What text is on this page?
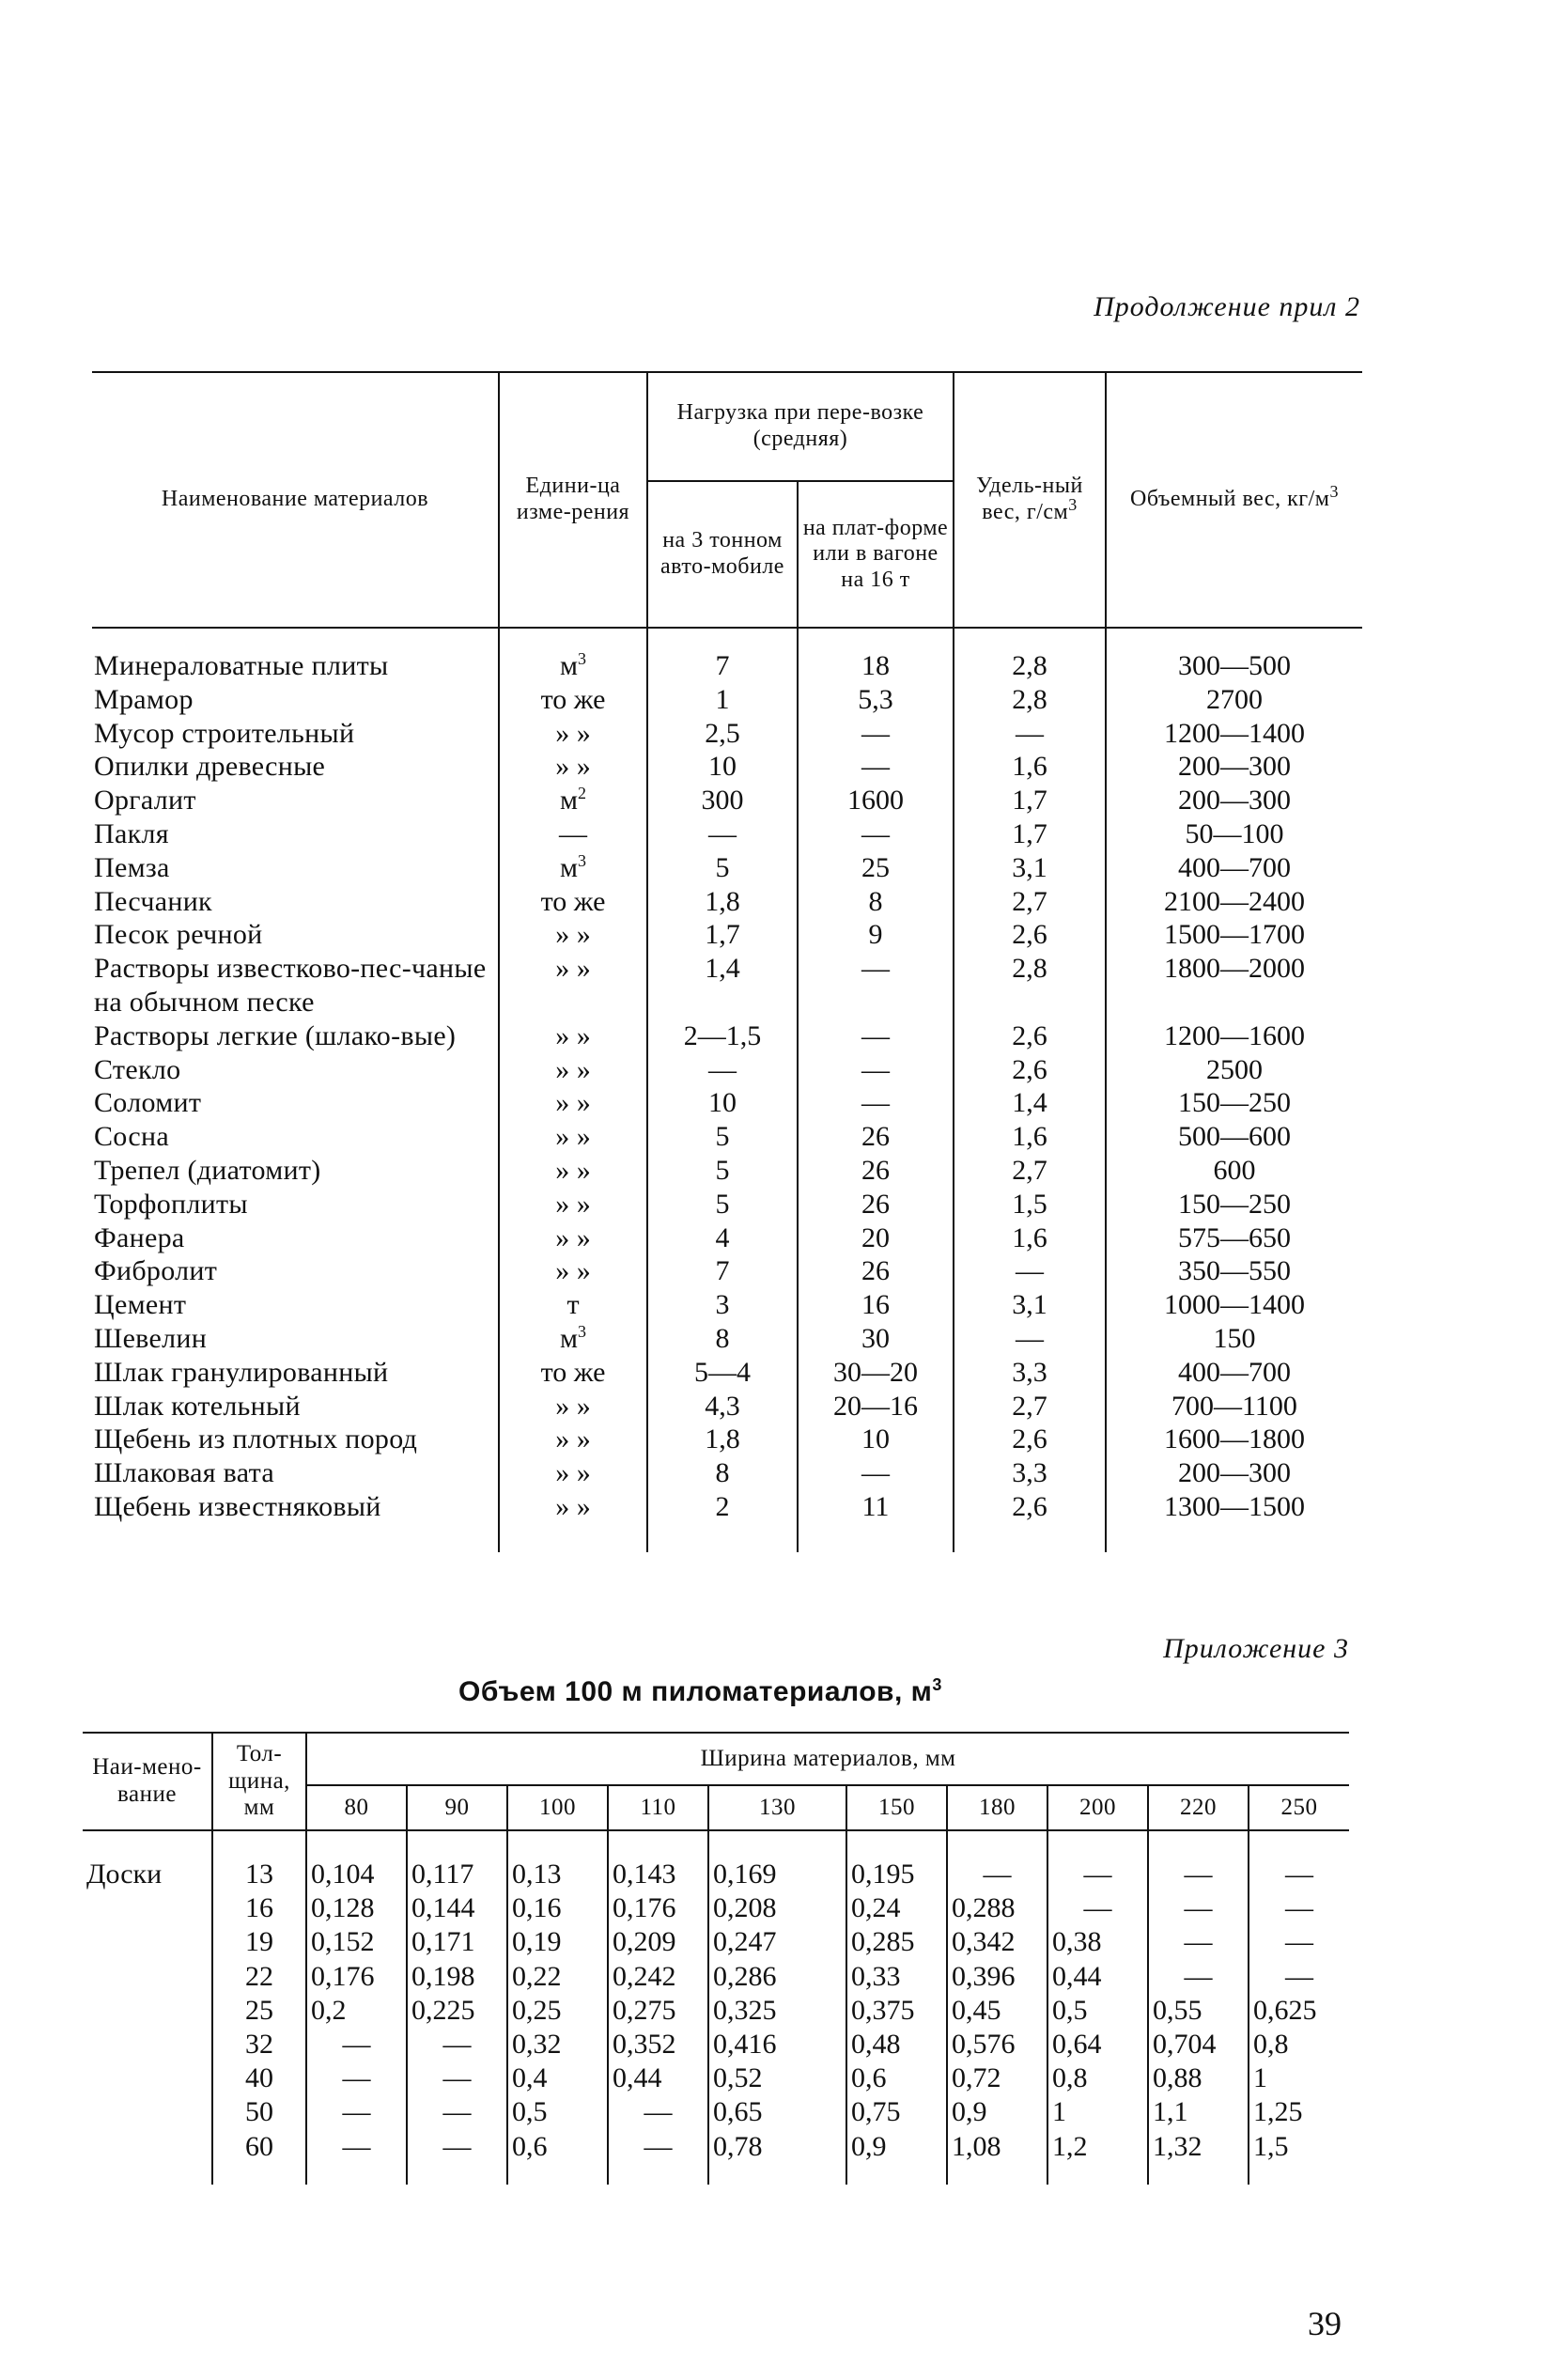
Продолжение прил 2
Наименование материалов	Едини-ца изме-рения	Нагрузка при пере-возке (средняя)		Удель-ный вес, $г/см^3$	Объемный вес, $кг/м^3$
		на 3 тонном авто-мобиле	на плат-форме или в вагоне на 16 т		
Минераловатные плиты	$м^3$	7	18	2,8	300—500
Мрамор	то же	1	5,3	2,8	2700
Мусор строительный	» »	2,5	—	—	1200—1400
Опилки древесные	» »	10	—	1,6	200—300
Оргалит	$м^2$	300	1600	1,7	200—300
Пакля	—	—	—	1,7	50—100
Пемза	$м^3$	5	25	3,1	400—700
Песчаник	то же	1,8	8	2,7	2100—2400
Песок речной	» »	1,7	9	2,6	1500—1700
Растворы известково-пес-чаные на обычном песке	» »	1,4	—	2,8	1800—2000
Растворы легкие (шлако-вые)	» »	2—1,5	—	2,6	1200—1600
Стекло	» »	—	—	2,6	2500
Соломит	» »	10	—	1,4	150—250
Сосна	» »	5	26	1,6	500—600
Трепел (диатомит)	» »	5	26	2,7	600
Торфоплиты	» »	5	26	1,5	150—250
Фанера	» »	4	20	1,6	575—650
Фибролит	» »	7	26	—	350—550
Цемент	т	3	16	3,1	1000—1400
Шевелин	$м^3$	8	30	—	150
Шлак гранулированный	то же	5—4	30—20	3,3	400—700
Шлак котельный	» »	4,3	20—16	2,7	700—1100
Щебень из плотных пород	» »	1,8	10	2,6	1600—1800
Шлаковая вата	» »	8	—	3,3	200—300
Щебень известняковый	» »	2	11	2,6	1300—1500
Приложение 3
Объем 100 м пиломатериалов, $м^3$
Наи-мено-вание	Тол-щина, мм	Ширина материалов, мм									
		80	90	100	110	130	150	180	200	220	250
Доски	13	0,104	0,117	0,13	0,143	0,169	0,195	—	—	—	—
	16	0,128	0,144	0,16	0,176	0,208	0,24	0,288	—	—	—
	19	0,152	0,171	0,19	0,209	0,247	0,285	0,342	0,38	—	—
	22	0,176	0,198	0,22	0,242	0,286	0,33	0,396	0,44	—	—
	25	0,2	0,225	0,25	0,275	0,325	0,375	0,45	0,5	0,55	0,625
	32	—	—	0,32	0,352	0,416	0,48	0,576	0,64	0,704	0,8
	40	—	—	0,4	0,44	0,52	0,6	0,72	0,8	0,88	1
	50	—	—	0,5	—	0,65	0,75	0,9	1	1,1	1,25
	60	—	—	0,6	—	0,78	0,9	1,08	1,2	1,32	1,5
39
